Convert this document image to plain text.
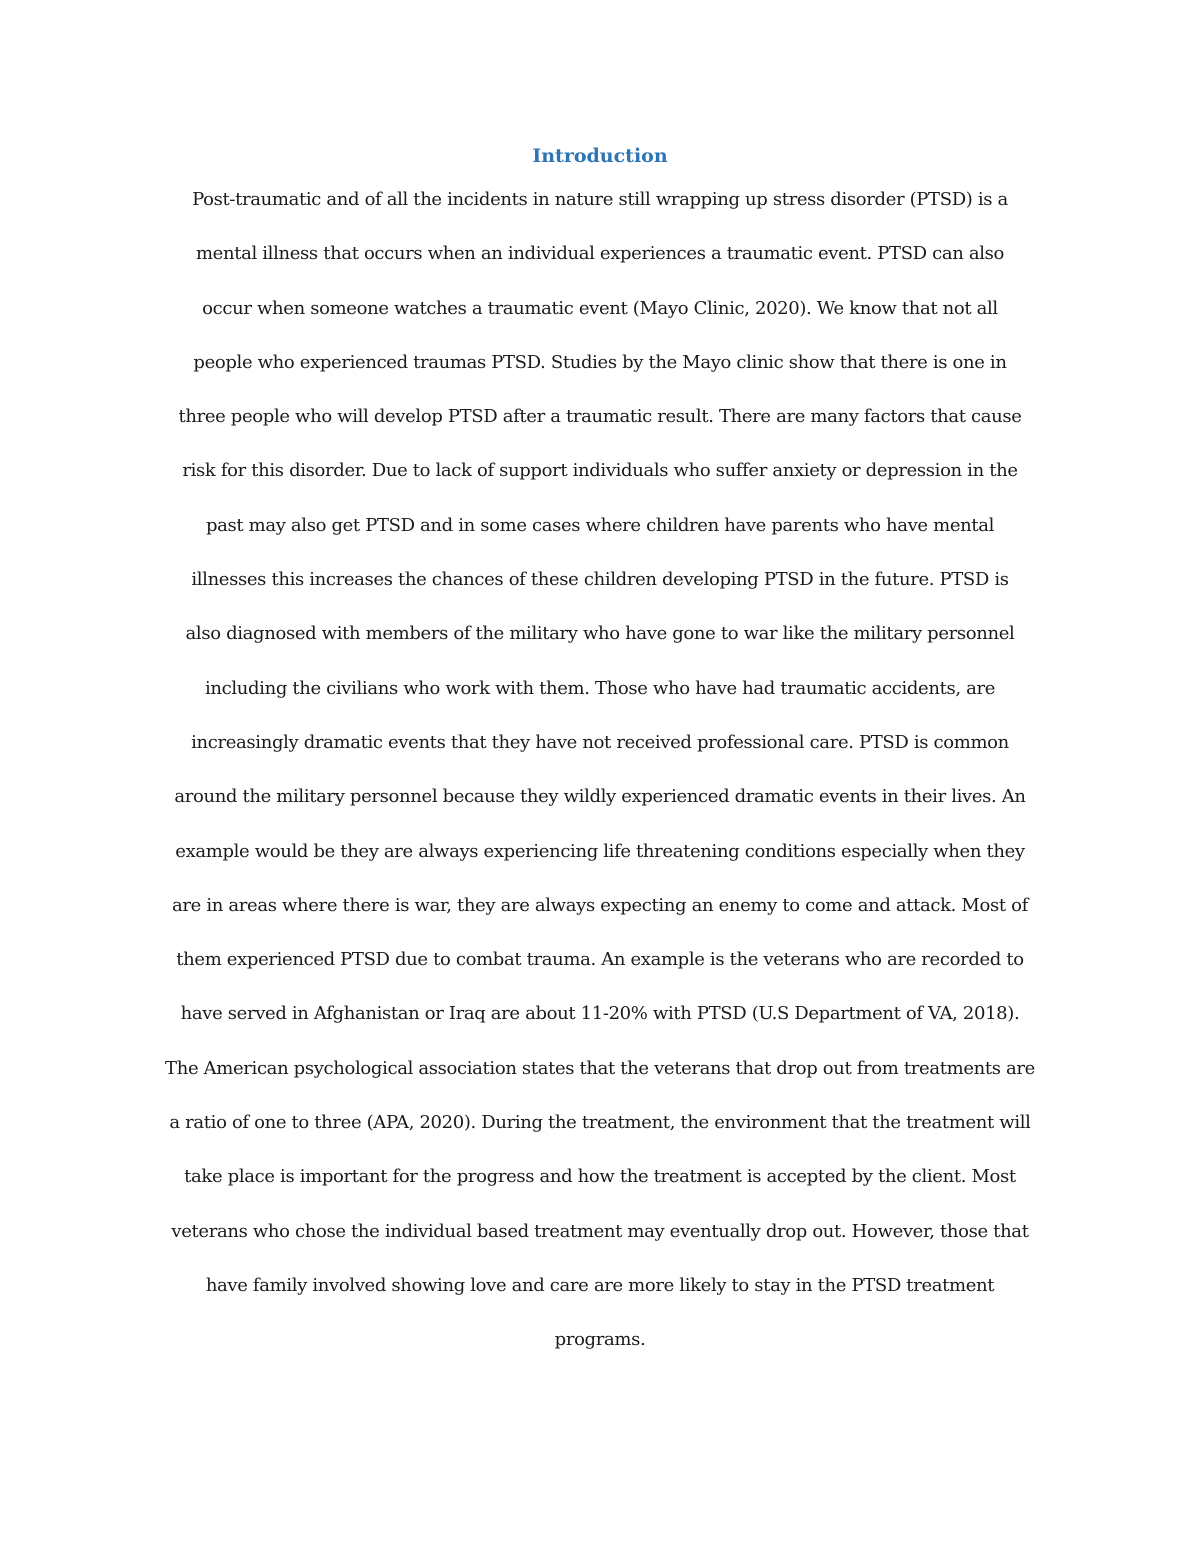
Introduction
Post-traumatic and of all the incidents in nature still wrapping up stress disorder (PTSD) is a
mental illness that occurs when an individual experiences a traumatic event. PTSD can also
occur when someone watches a traumatic event (Mayo Clinic, 2020). We know that not all
people who experienced traumas PTSD. Studies by the Mayo clinic show that there is one in
three people who will develop PTSD after a traumatic result. There are many factors that cause
risk for this disorder. Due to lack of support individuals who suffer anxiety or depression in the
past may also get PTSD and in some cases where children have parents who have mental
illnesses this increases the chances of these children developing PTSD in the future. PTSD is
also diagnosed with members of the military who have gone to war like the military personnel
including the civilians who work with them. Those who have had traumatic accidents, are
increasingly dramatic events that they have not received professional care. PTSD is common
around the military personnel because they wildly experienced dramatic events in their lives. An
example would be they are always experiencing life threatening conditions especially when they
are in areas where there is war, they are always expecting an enemy to come and attack. Most of
them experienced PTSD due to combat trauma. An example is the veterans who are recorded to
have served in Afghanistan or Iraq are about 11-20% with PTSD (U.S Department of VA, 2018).
The American psychological association states that the veterans that drop out from treatments are
a ratio of one to three (APA, 2020). During the treatment, the environment that the treatment will
take place is important for the progress and how the treatment is accepted by the client. Most
veterans who chose the individual based treatment may eventually drop out. However, those that
have family involved showing love and care are more likely to stay in the PTSD treatment
programs.
